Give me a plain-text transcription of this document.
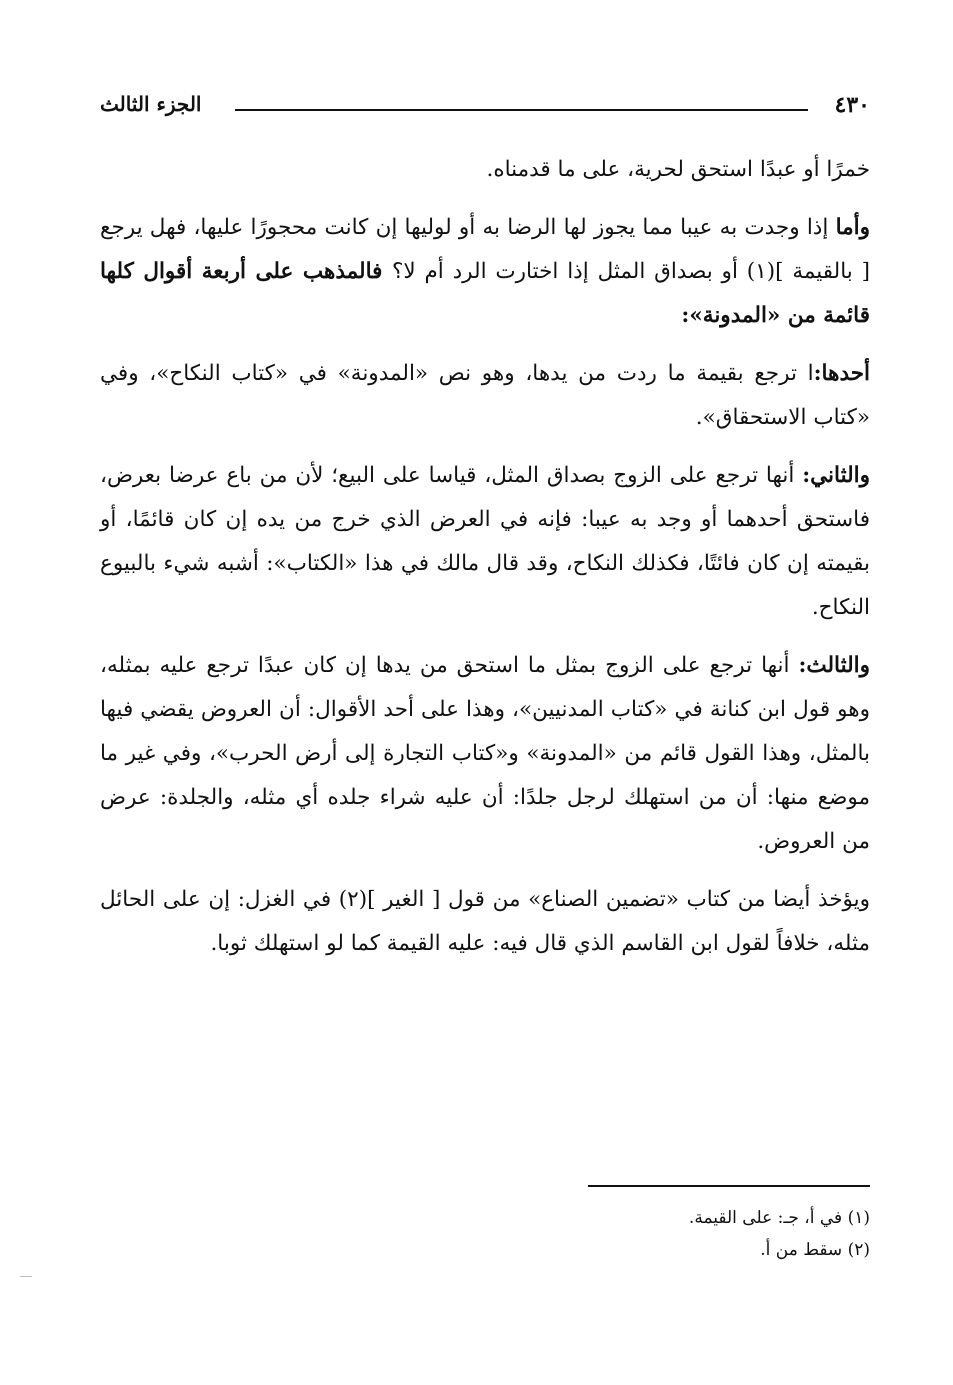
٤٣٠
الجزء الثالث

خمرًا أو عبدًا استحق لحرية، على ما قدمناه.

وأما إذا وجدت به عيبا مما يجوز لها الرضا به أو لوليها إن كانت محجورًا عليها، فهل يرجع [ بالقيمة ](١) أو بصداق المثل إذا اختارت الرد أم لا؟ فالمذهب على أربعة أقوال كلها قائمة من «المدونة»:

أحدها:ا ترجع بقيمة ما ردت من يدها، وهو نص «المدونة» في «كتاب النكاح»، وفي «كتاب الاستحقاق».

والثاني: أنها ترجع على الزوج بصداق المثل، قياسا على البيع؛ لأن من باع عرضا بعرض، فاستحق أحدهما أو وجد به عيبا: فإنه في العرض الذي خرج من يده إن كان قائمًا، أو بقيمته إن كان فائتًا، فكذلك النكاح، وقد قال مالك في هذا «الكتاب»: أشبه شيء بالبيوع النكاح.

والثالث: أنها ترجع على الزوج بمثل ما استحق من يدها إن كان عبدًا ترجع عليه بمثله، وهو قول ابن كنانة في «كتاب المدنيين»، وهذا على أحد الأقوال: أن العروض يقضي فيها بالمثل، وهذا القول قائم من «المدونة» و«كتاب التجارة إلى أرض الحرب»، وفي غير ما موضع منها: أن من استهلك لرجل جلدًا: أن عليه شراء جلده أي مثله، والجلدة: عرض من العروض.

ويؤخذ أيضا من كتاب «تضمين الصناع» من قول [ الغير ](٢) في الغزل: إن على الحائل مثله، خلافاً لقول ابن القاسم الذي قال فيه: عليه القيمة كما لو استهلك ثوبا.

(١) في أ، جـ: على القيمة.
(٢) سقط من أ.
